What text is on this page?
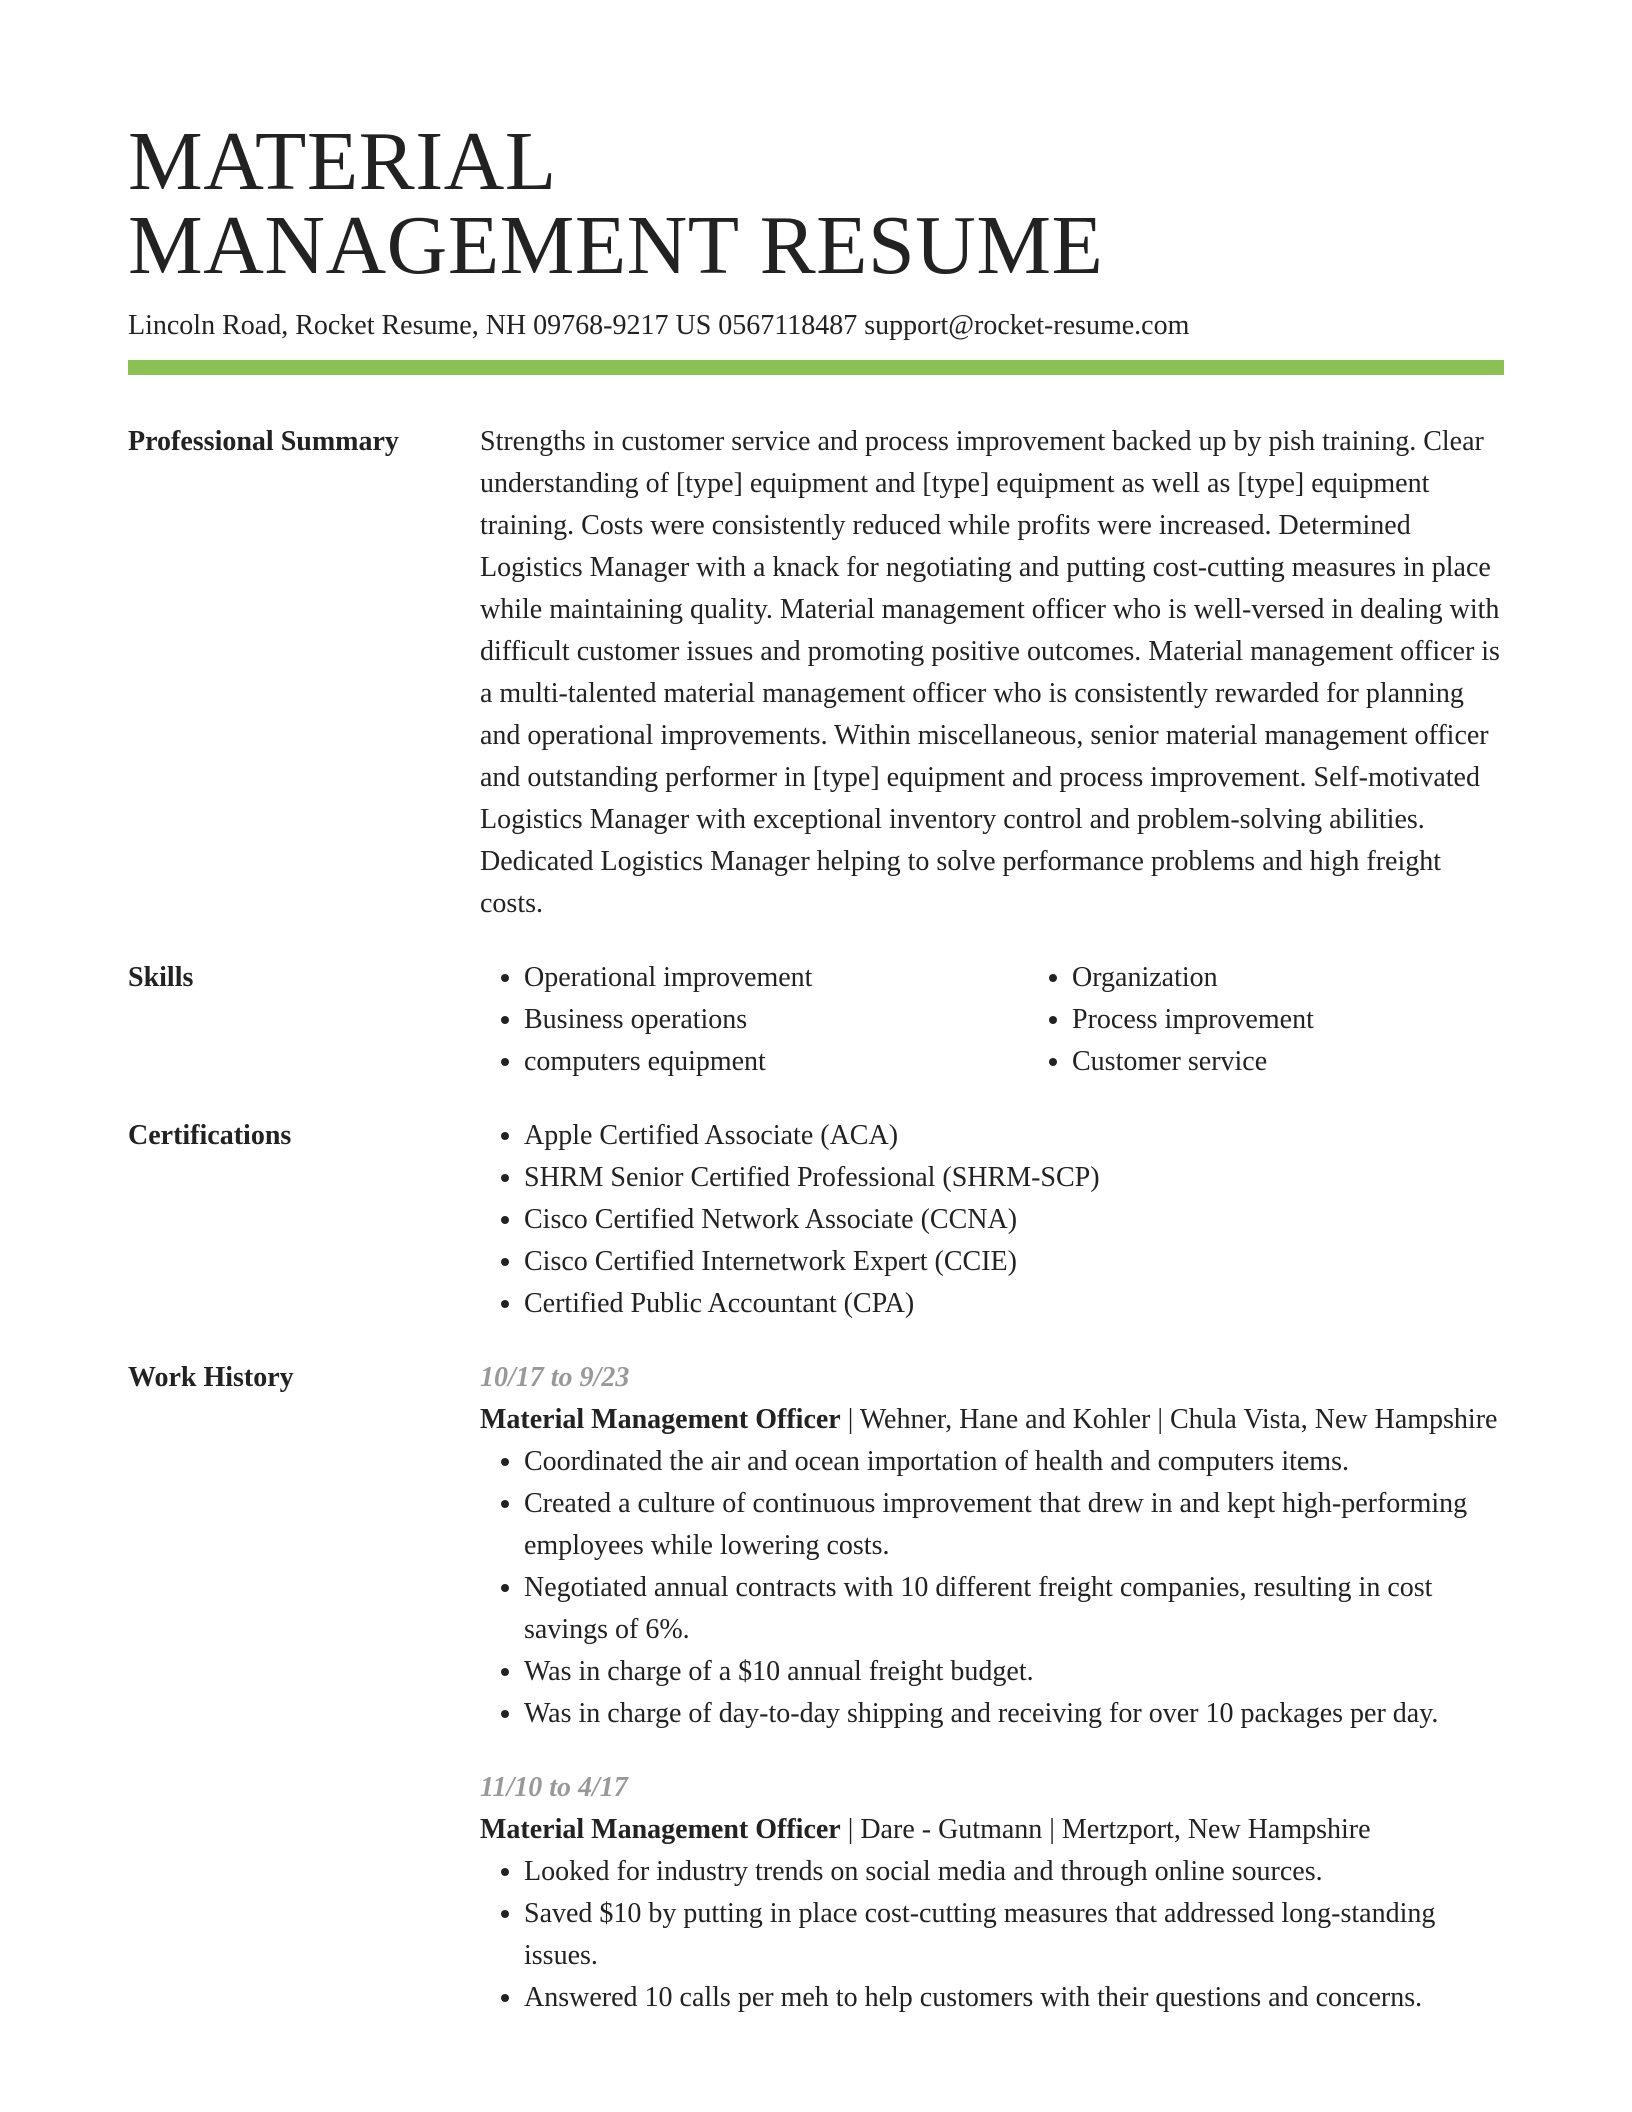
MATERIAL
MANAGEMENT RESUME
Lincoln Road, Rocket Resume, NH 09768-9217 US 0567118487 support@rocket-resume.com
Professional Summary	Strengths in customer service and process improvement backed up by pish training. Clear understanding of [type] equipment and [type] equipment as well as [type] equipment training. Costs were consistently reduced while profits were increased. Determined Logistics Manager with a knack for negotiating and putting cost-cutting measures in place while maintaining quality. Material management officer who is well-versed in dealing with difficult customer issues and promoting positive outcomes. Material management officer is a multi-talented material management officer who is consistently rewarded for planning and operational improvements. Within miscellaneous, senior material management officer and outstanding performer in [type] equipment and process improvement. Self-motivated Logistics Manager with exceptional inventory control and problem-solving abilities. Dedicated Logistics Manager helping to solve performance problems and high freight costs.

Skills	• Operational improvement
• Business operations
• computers equipment
• Organization
• Process improvement
• Customer service
Certifications	• Apple Certified Associate (ACA)
• SHRM Senior Certified Professional (SHRM-SCP)
• Cisco Certified Network Associate (CCNA)
• Cisco Certified Internetwork Expert (CCIE)
• Certified Public Accountant (CPA)
Work History	10/17 to 9/23
Material Management Officer | Wehner, Hane and Kohler | Chula Vista, New Hampshire
• Coordinated the air and ocean importation of health and computers items.
• Created a culture of continuous improvement that drew in and kept high-performing employees while lowering costs.
• Negotiated annual contracts with 10 different freight companies, resulting in cost savings of 6%.
• Was in charge of a $10 annual freight budget.
• Was in charge of day-to-day shipping and receiving for over 10 packages per day.
11/10 to 4/17
Material Management Officer | Dare - Gutmann | Mertzport, New Hampshire
• Looked for industry trends on social media and through online sources.
• Saved $10 by putting in place cost-cutting measures that addressed long-standing issues.
• Answered 10 calls per meh to help customers with their questions and concerns.
